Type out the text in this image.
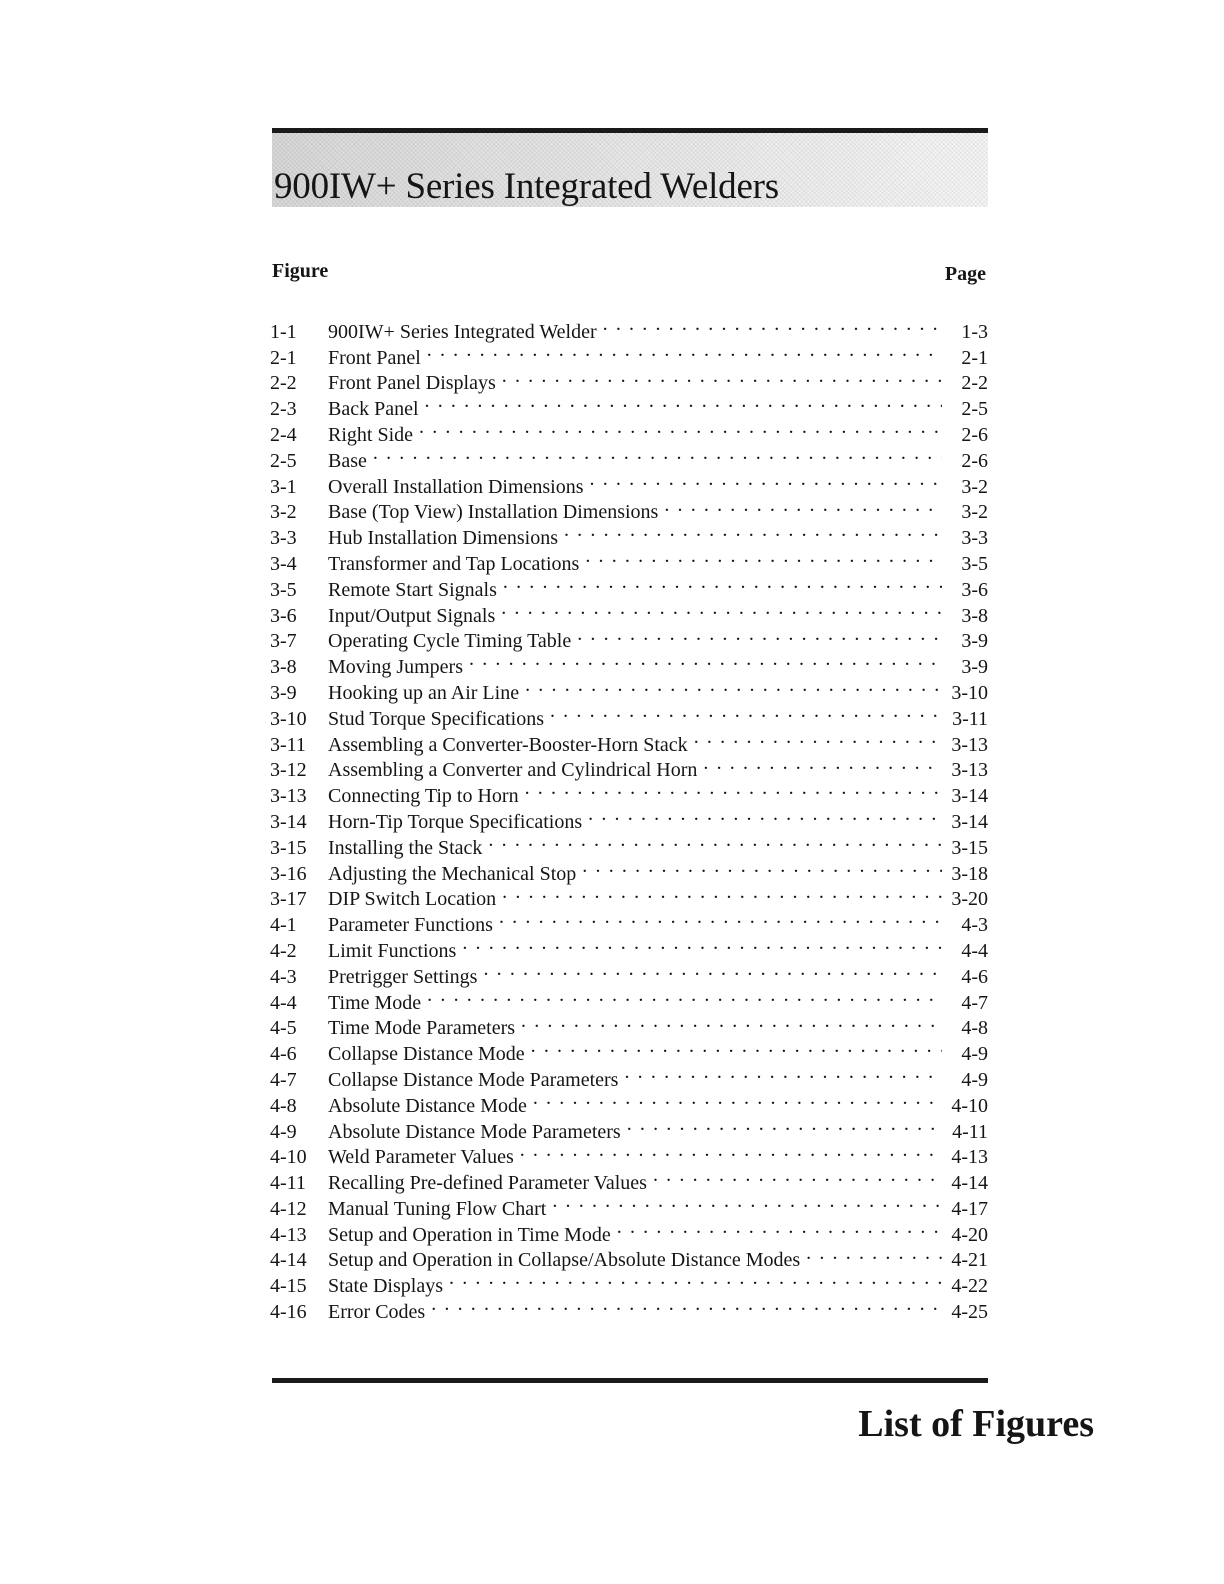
900IW+ Series Integrated Welders
Figure	Page
1-1	900IW+ Series Integrated Welder . . .	1-3
2-1	Front Panel . . .	2-1
2-2	Front Panel Displays . . .	2-2
2-3	Back Panel . . .	2-5
2-4	Right Side . . .	2-6
2-5	Base . . .	2-6
3-1	Overall Installation Dimensions . . .	3-2
3-2	Base (Top View) Installation Dimensions . . .	3-2
3-3	Hub Installation Dimensions . . .	3-3
3-4	Transformer and Tap Locations . . .	3-5
3-5	Remote Start Signals . . .	3-6
3-6	Input/Output Signals . . .	3-8
3-7	Operating Cycle Timing Table . . .	3-9
3-8	Moving Jumpers . . .	3-9
3-9	Hooking up an Air Line . . .	3-10
3-10	Stud Torque Specifications . . .	3-11
3-11	Assembling a Converter-Booster-Horn Stack . . .	3-13
3-12	Assembling a Converter and Cylindrical Horn . . .	3-13
3-13	Connecting Tip to Horn . . .	3-14
3-14	Horn-Tip Torque Specifications . . .	3-14
3-15	Installing the Stack . . .	3-15
3-16	Adjusting the Mechanical Stop . . .	3-18
3-17	DIP Switch Location . . .	3-20
4-1	Parameter Functions . . .	4-3
4-2	Limit Functions . . .	4-4
4-3	Pretrigger Settings . . .	4-6
4-4	Time Mode . . .	4-7
4-5	Time Mode Parameters . . .	4-8
4-6	Collapse Distance Mode . . .	4-9
4-7	Collapse Distance Mode Parameters . . .	4-9
4-8	Absolute Distance Mode . . .	4-10
4-9	Absolute Distance Mode Parameters . . .	4-11
4-10	Weld Parameter Values . . .	4-13
4-11	Recalling Pre-defined Parameter Values . . .	4-14
4-12	Manual Tuning Flow Chart . . .	4-17
4-13	Setup and Operation in Time Mode . . .	4-20
4-14	Setup and Operation in Collapse/Absolute Distance Modes . . .	4-21
4-15	State Displays . . .	4-22
4-16	Error Codes . . .	4-25
List of Figures
